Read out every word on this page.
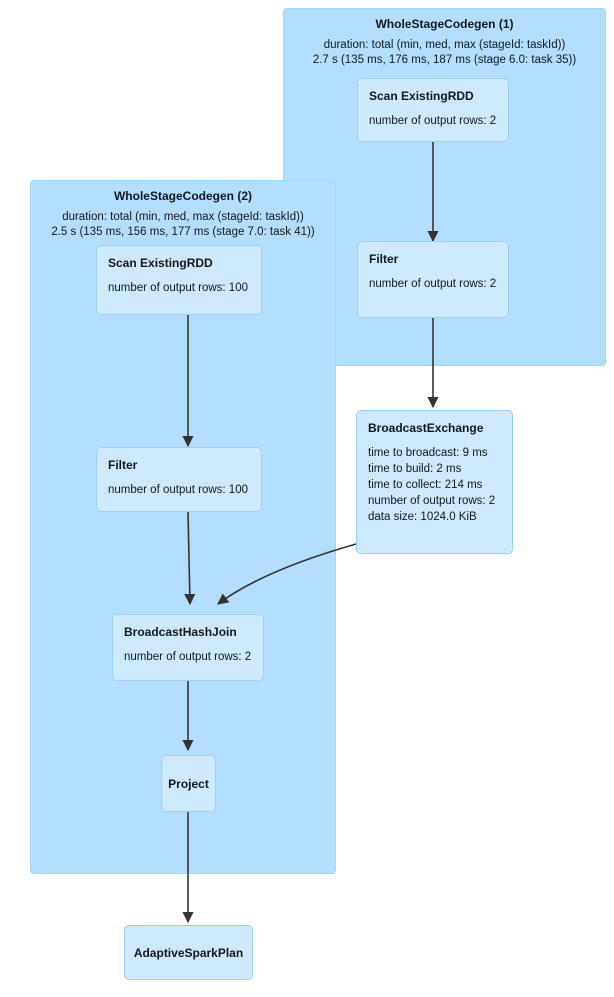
WholeStageCodegen (1)
duration: total (min, med, max (stageId: taskId))
2.7 s (135 ms, 176 ms, 187 ms (stage 6.0: task 35))
WholeStageCodegen (2)
duration: total (min, med, max (stageId: taskId))
2.5 s (135 ms, 156 ms, 177 ms (stage 7.0: task 41))
Scan ExistingRDD
number of output rows: 2
Filter
number of output rows: 2
Scan ExistingRDD
number of output rows: 100
Filter
number of output rows: 100
BroadcastExchange
time to broadcast: 9 ms
time to build: 2 ms
time to collect: 214 ms
number of output rows: 2
data size: 1024.0 KiB
BroadcastHashJoin
number of output rows: 2
Project
AdaptiveSparkPlan
